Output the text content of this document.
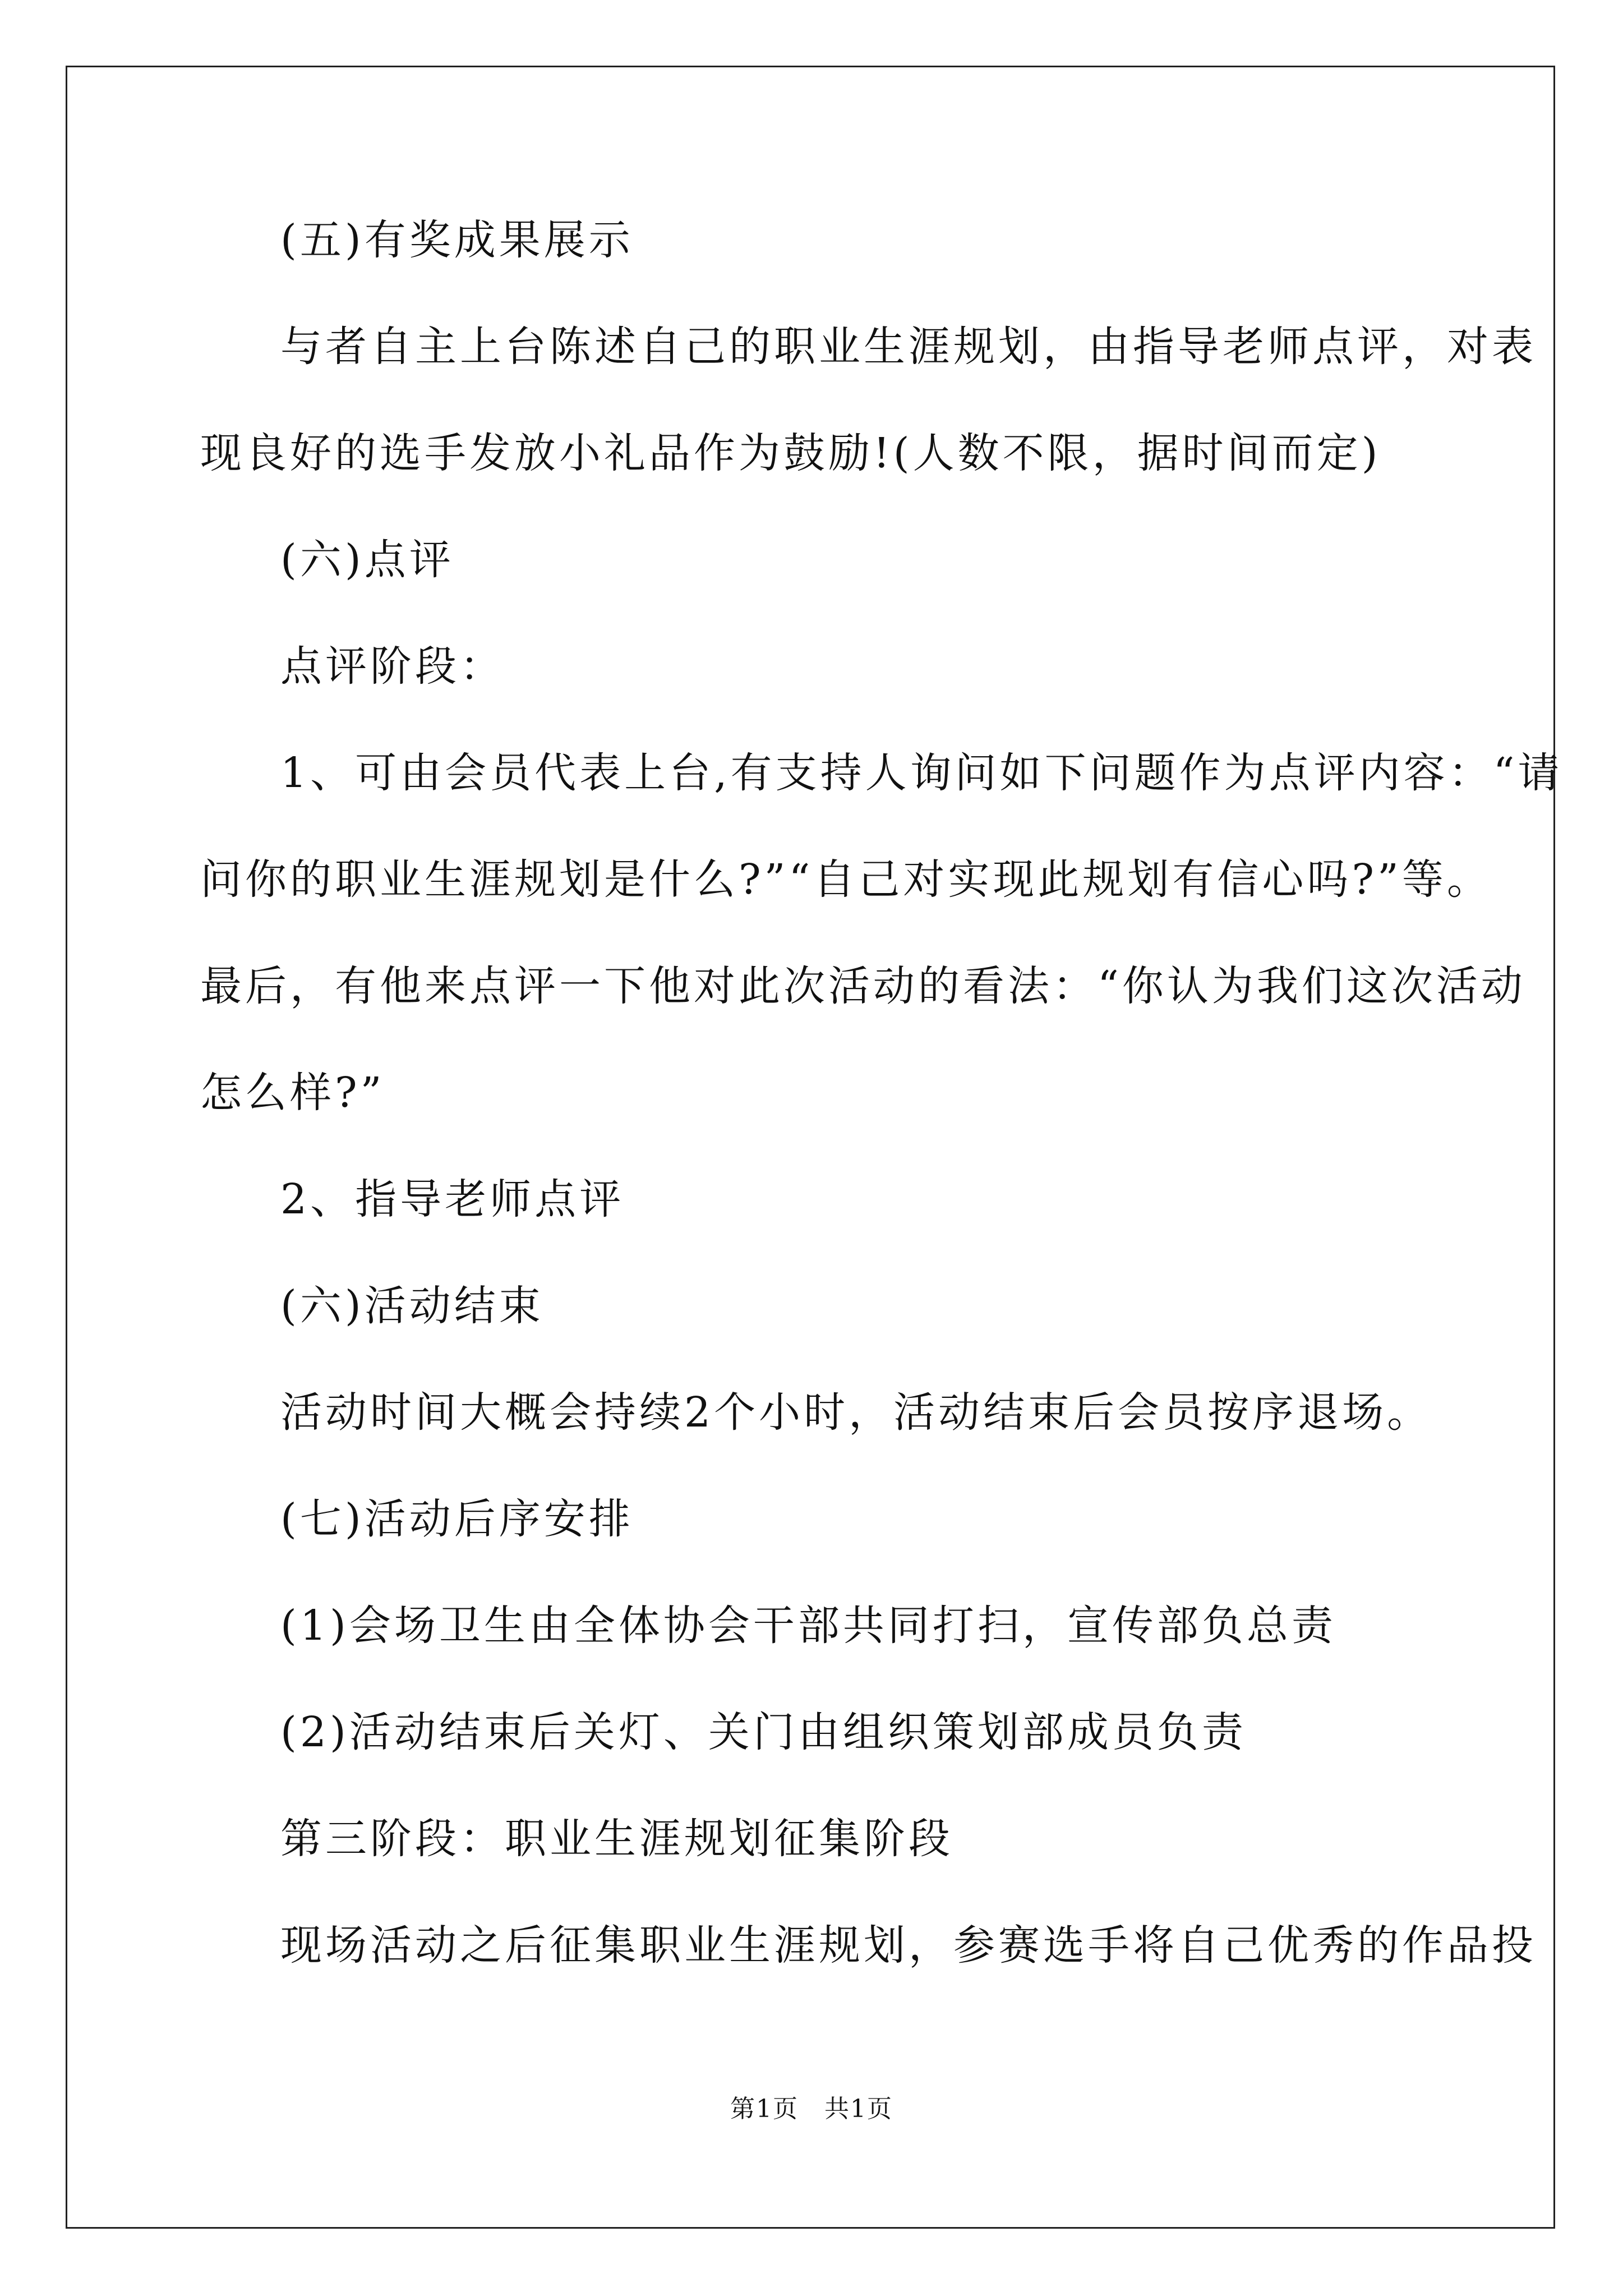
(五)有奖成果展示
与者自主上台陈述自己的职业生涯规划，由指导老师点评，对表
现良好的选手发放小礼品作为鼓励!(人数不限，据时间而定)
(六)点评
点评阶段：
1、可由会员代表上台,有支持人询问如下问题作为点评内容：“请
问你的职业生涯规划是什么?”“自己对实现此规划有信心吗?”等。
最后，有他来点评一下他对此次活动的看法：“你认为我们这次活动
怎么样?”
2、指导老师点评
(六)活动结束
活动时间大概会持续2个小时，活动结束后会员按序退场。
(七)活动后序安排
(1)会场卫生由全体协会干部共同打扫，宣传部负总责
(2)活动结束后关灯、关门由组织策划部成员负责
第三阶段：职业生涯规划征集阶段
现场活动之后征集职业生涯规划，参赛选手将自己优秀的作品投
第1页　共1页
